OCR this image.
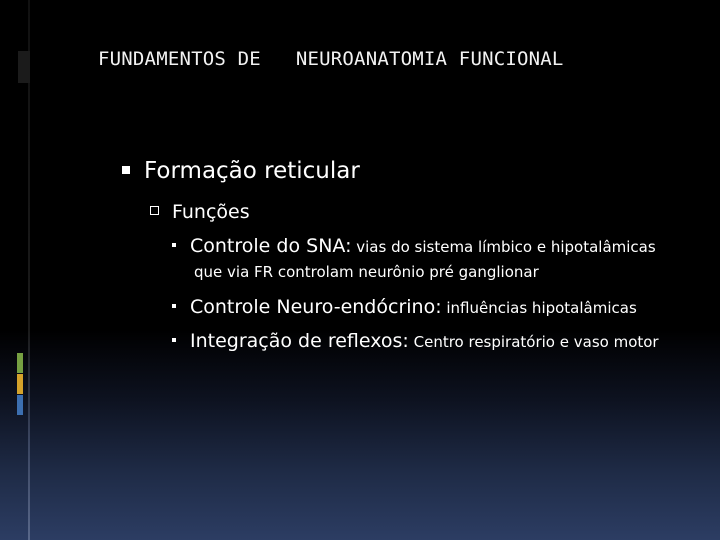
FUNDAMENTOS DE   NEUROANATOMIA FUNCIONAL
Formação reticular
Funções
Controle do SNA: vias do sistema límbico e hipotalâmicas
que via FR controlam neurônio pré ganglionar
Controle Neuro-endócrino: influências hipotalâmicas
Integração de reflexos: Centro respiratório e vaso motor
